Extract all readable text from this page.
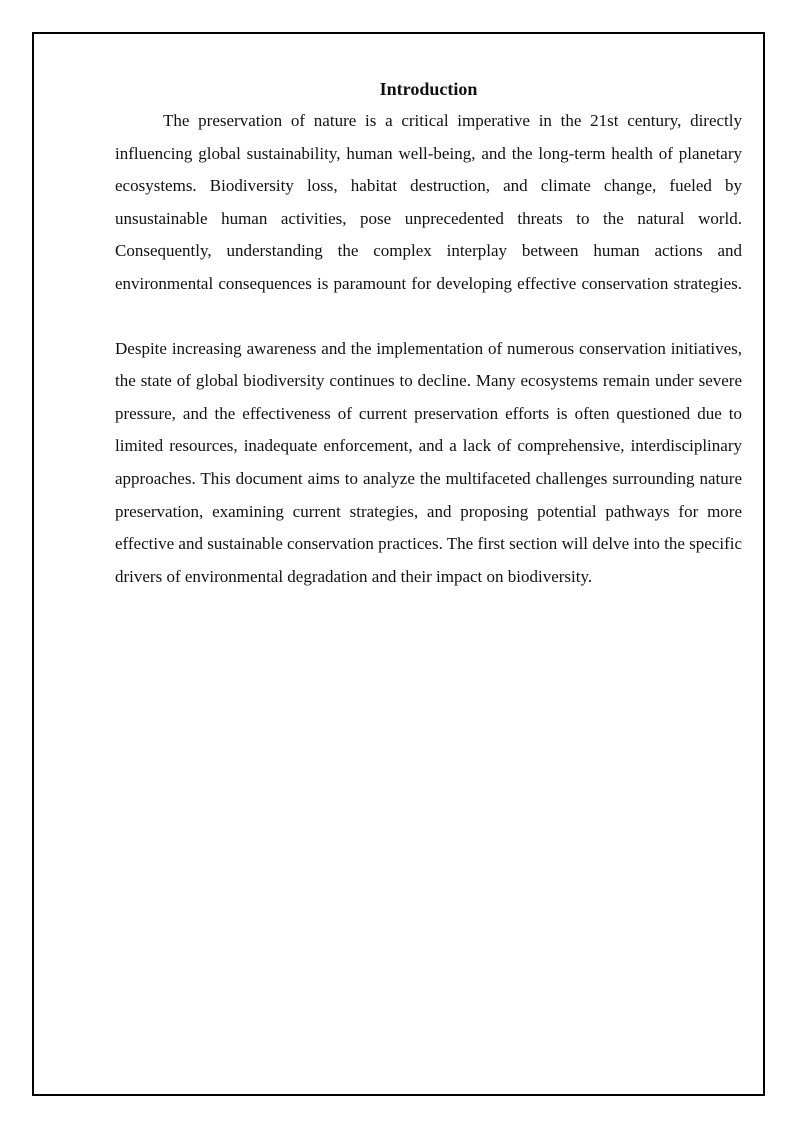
Introduction

The preservation of nature is a critical imperative in the 21st century, directly influencing global sustainability, human well-being, and the long-term health of planetary ecosystems. Biodiversity loss, habitat destruction, and climate change, fueled by unsustainable human activities, pose unprecedented threats to the natural world. Consequently, understanding the complex interplay between human actions and environmental consequences is paramount for developing effective conservation strategies.

Despite increasing awareness and the implementation of numerous conservation initiatives, the state of global biodiversity continues to decline. Many ecosystems remain under severe pressure, and the effectiveness of current preservation efforts is often questioned due to limited resources, inadequate enforcement, and a lack of comprehensive, interdisciplinary approaches. This document aims to analyze the multifaceted challenges surrounding nature preservation, examining current strategies, and proposing potential pathways for more effective and sustainable conservation practices. The first section will delve into the specific drivers of environmental degradation and their impact on biodiversity.
